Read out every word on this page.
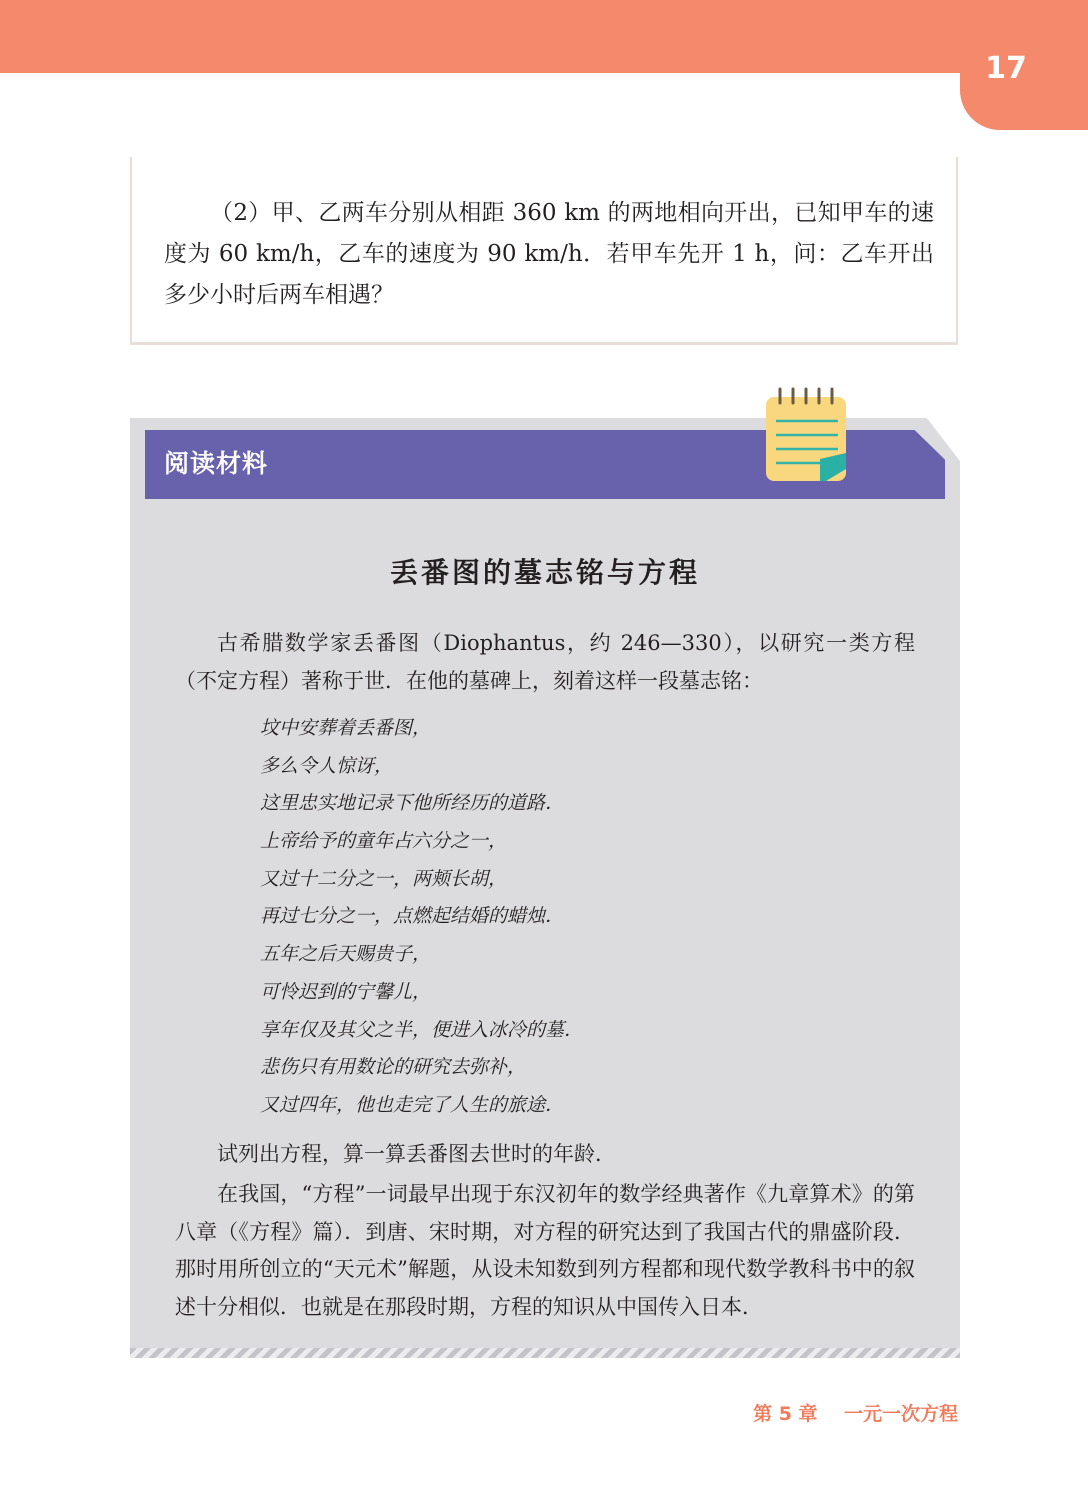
17

（2）甲、乙两车分别从相距 360 km 的两地相向开出，已知甲车的速度为 60 km/h，乙车的速度为 90 km/h．若甲车先开 1 h，问：乙车开出多少小时后两车相遇？

阅读材料
丢番图的墓志铭与方程

古希腊数学家丢番图（Diophantus，约 246—330），以研究一类方程（不定方程）著称于世．在他的墓碑上，刻着这样一段墓志铭：

坟中安葬着丢番图，
多么令人惊讶，
这里忠实地记录下他所经历的道路．
上帝给予的童年占六分之一，
又过十二分之一，两颊长胡，
再过七分之一，点燃起结婚的蜡烛．
五年之后天赐贵子，
可怜迟到的宁馨儿，
享年仅及其父之半，便进入冰冷的墓．
悲伤只有用数论的研究去弥补，
又过四年，他也走完了人生的旅途．

试列出方程，算一算丢番图去世时的年龄．

在我国，“方程”一词最早出现于东汉初年的数学经典著作《九章算术》的第八章（《方程》篇）．到唐、宋时期，对方程的研究达到了我国古代的鼎盛阶段．那时用所创立的“天元术”解题，从设未知数到列方程都和现代数学教科书中的叙述十分相似．也就是在那段时期，方程的知识从中国传入日本．

第 5 章    一元一次方程
